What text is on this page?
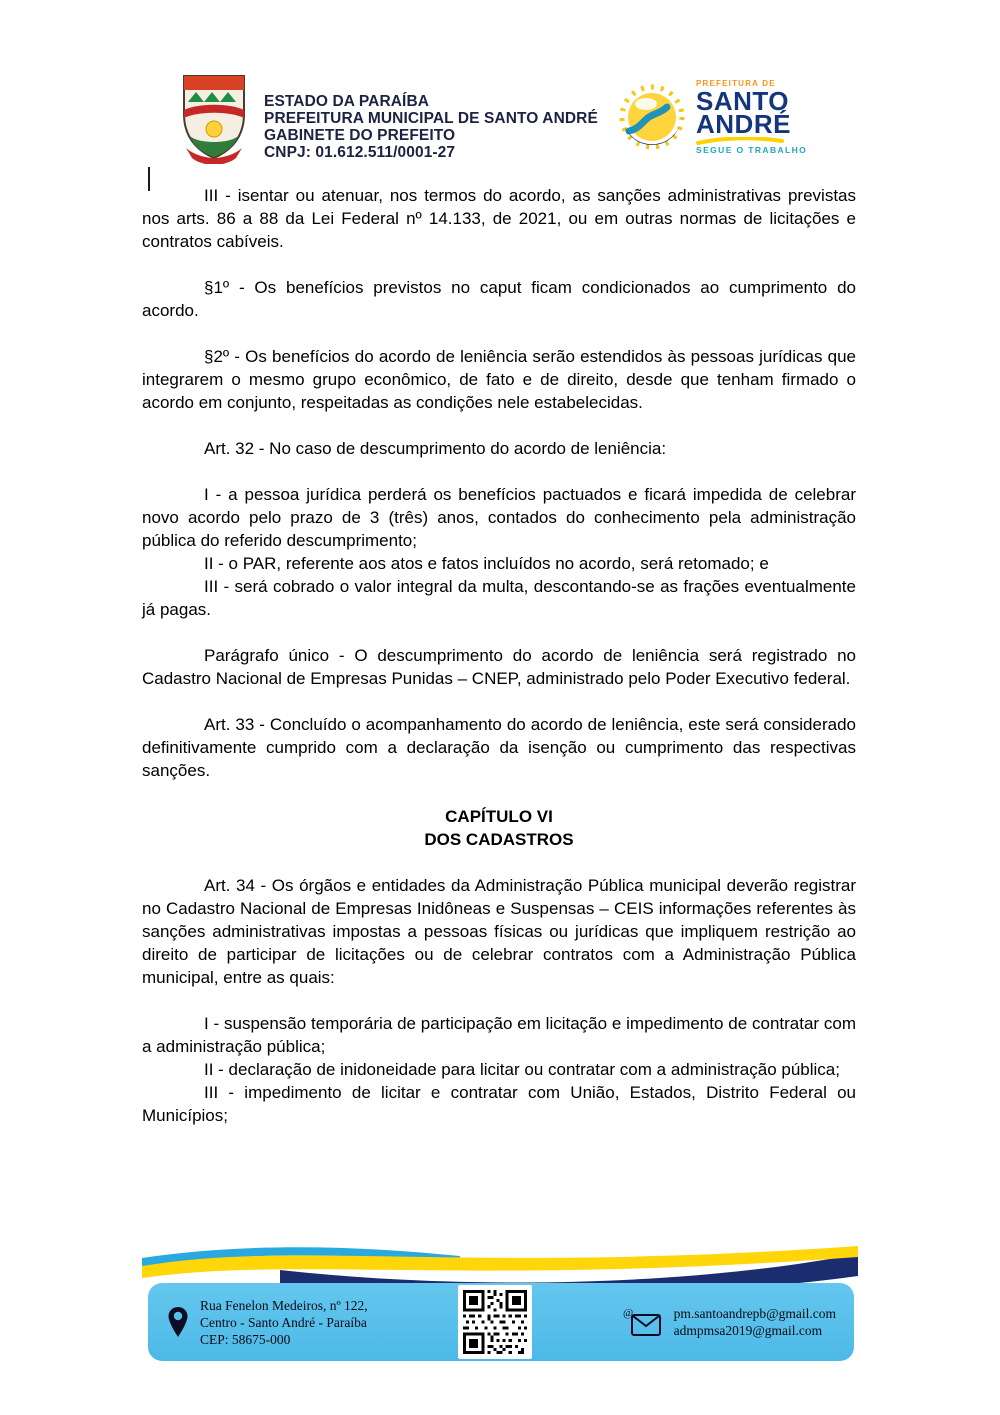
ESTADO DA PARAÍBA
PREFEITURA MUNICIPAL DE SANTO ANDRÉ
GABINETE DO PREFEITO
CNPJ: 01.612.511/0001-27
PREFEITURA DE
SANTO
ANDRÉ
SEGUE O TRABALHO

III - isentar ou atenuar, nos termos do acordo, as sanções administrativas previstas nos arts. 86 a 88 da Lei Federal nº 14.133, de 2021, ou em outras normas de licitações e contratos cabíveis.

§1º - Os benefícios previstos no caput ficam condicionados ao cumprimento do acordo.

§2º - Os benefícios do acordo de leniência serão estendidos às pessoas jurídicas que integrarem o mesmo grupo econômico, de fato e de direito, desde que tenham firmado o acordo em conjunto, respeitadas as condições nele estabelecidas.

Art. 32 - No caso de descumprimento do acordo de leniência:

I - a pessoa jurídica perderá os benefícios pactuados e ficará impedida de celebrar novo acordo pelo prazo de 3 (três) anos, contados do conhecimento pela administração pública do referido descumprimento;

II - o PAR, referente aos atos e fatos incluídos no acordo, será retomado; e

III - será cobrado o valor integral da multa, descontando-se as frações eventualmente já pagas.

Parágrafo único - O descumprimento do acordo de leniência será registrado no Cadastro Nacional de Empresas Punidas – CNEP, administrado pelo Poder Executivo federal.

Art. 33 - Concluído o acompanhamento do acordo de leniência, este será considerado definitivamente cumprido com a declaração da isenção ou cumprimento das respectivas sanções.

CAPÍTULO VI

DOS CADASTROS

Art. 34 - Os órgãos e entidades da Administração Pública municipal deverão registrar no Cadastro Nacional de Empresas Inidôneas e Suspensas – CEIS informações referentes às sanções administrativas impostas a pessoas físicas ou jurídicas que impliquem restrição ao direito de participar de licitações ou de celebrar contratos com a Administração Pública municipal, entre as quais:

I - suspensão temporária de participação em licitação e impedimento de contratar com a administração pública;

II - declaração de inidoneidade para licitar ou contratar com a administração pública;

III - impedimento de licitar e contratar com União, Estados, Distrito Federal ou Municípios;

Rua Fenelon Medeiros, nº 122,
Centro - Santo André - Paraíba
CEP: 58675-000
@	pm.santoandrepb@gmail.com
admpmsa2019@gmail.com
